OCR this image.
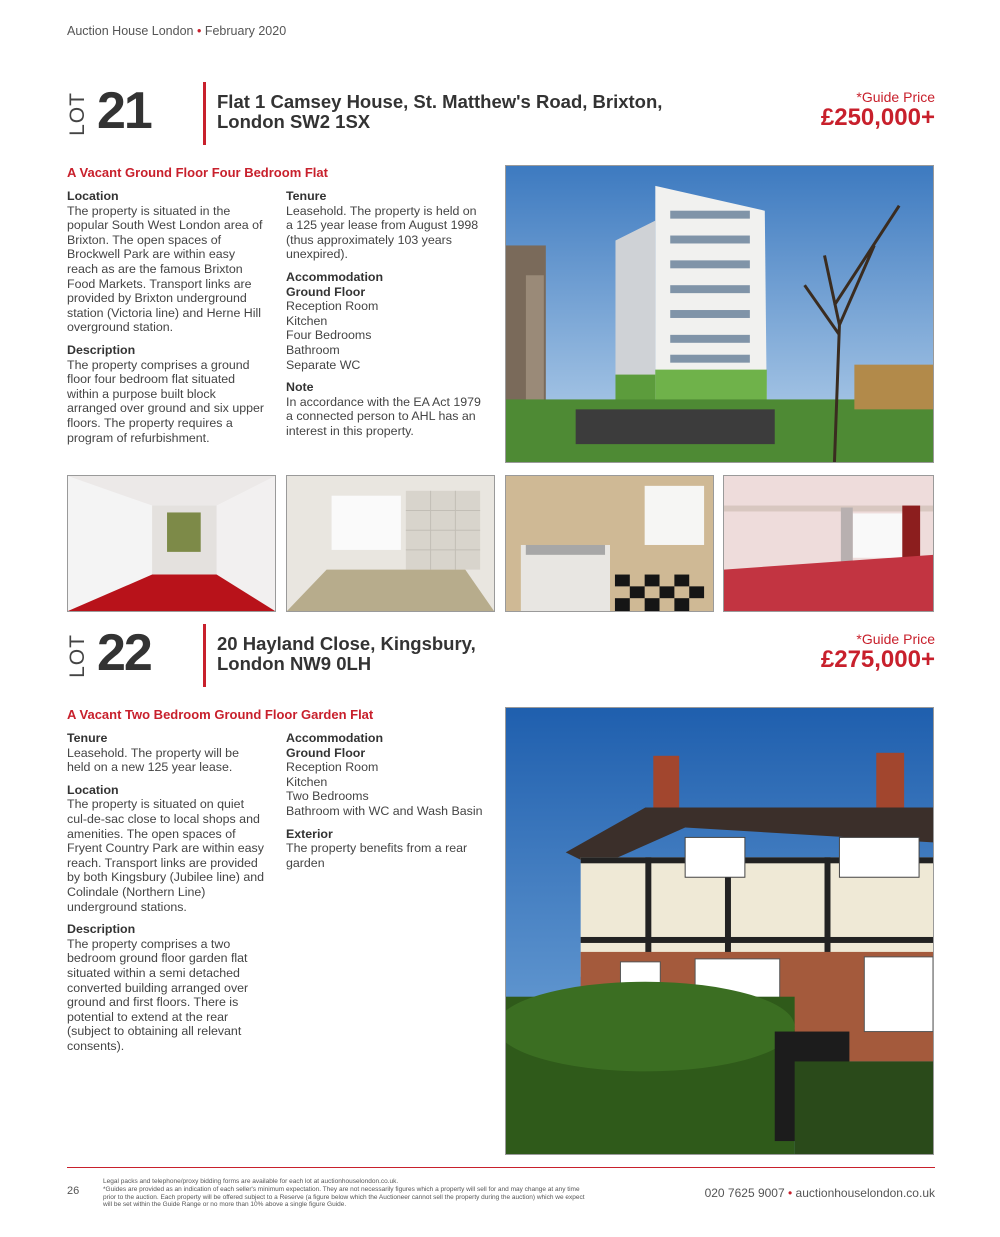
Auction House London • February 2020
LOT 21	Flat 1 Camsey House, St. Matthew's Road, Brixton,
London SW2 1SX
*Guide Price
£250,000+
A Vacant Ground Floor Four Bedroom Flat
Location
The property is situated in the
popular South West London area of
Brixton. The open spaces of
Brockwell Park are within easy
reach as are the famous Brixton
Food Markets. Transport links are
provided by Brixton underground
station (Victoria line) and Herne Hill
overground station.
Description
The property comprises a ground
floor four bedroom flat situated
within a purpose built block
arranged over ground and six upper
floors. The property requires a
program of refurbishment.
Tenure
Leasehold. The property is held on
a 125 year lease from August 1998
(thus approximately 103 years
unexpired).
Accommodation
Ground Floor
Reception Room
Kitchen
Four Bedrooms
Bathroom
Separate WC
Note
In accordance with the EA Act 1979
a connected person to AHL has an
interest in this property.
LOT 22	20 Hayland Close, Kingsbury,
London NW9 0LH
*Guide Price
£275,000+
A Vacant Two Bedroom Ground Floor Garden Flat
Tenure
Leasehold. The property will be
held on a new 125 year lease.
Location
The property is situated on quiet
cul-de-sac close to local shops and
amenities. The open spaces of
Fryent Country Park are within easy
reach. Transport links are provided
by both Kingsbury (Jubilee line) and
Colindale (Northern Line)
underground stations.
Description
The property comprises a two
bedroom ground floor garden flat
situated within a semi detached
converted building arranged over
ground and first floors. There is
potential to extend at the rear
(subject to obtaining all relevant
consents).
Accommodation
Ground Floor
Reception Room
Kitchen
Two Bedrooms
Bathroom with WC and Wash Basin
Exterior
The property benefits from a rear
garden
26
Legal packs and telephone/proxy bidding forms are available for each lot at auctionhouselondon.co.uk.
*Guides are provided as an indication of each seller's minimum expectation. They are not necessarily figures which a property will sell for and may change at any time
prior to the auction. Each property will be offered subject to a Reserve (a figure below which the Auctioneer cannot sell the property during the auction) which we expect
will be set within the Guide Range or no more than 10% above a single figure Guide.
020 7625 9007 • auctionhouselondon.co.uk
